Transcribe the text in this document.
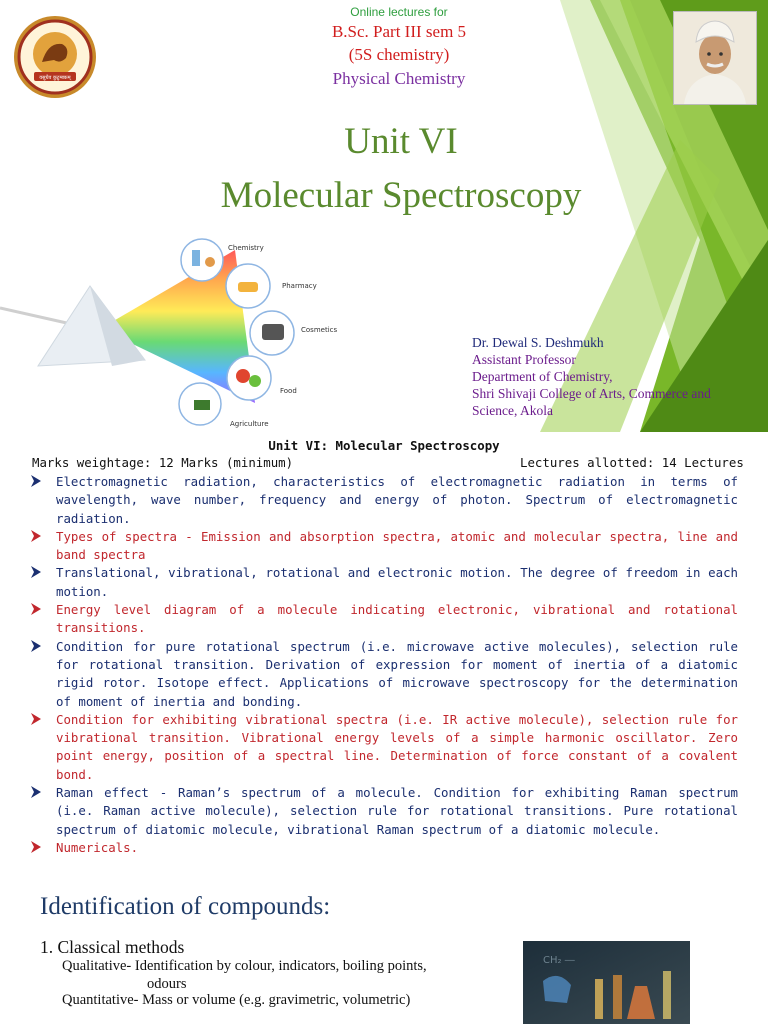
वसुधैव कुटुम्बकम्
Online lectures for
B.Sc. Part III sem 5
(5S chemistry)
Physical Chemistry
Unit VI
Molecular Spectroscopy
Chemistry
Pharmacy
Cosmetics
Food
Agriculture
Dr. Dewal S. Deshmukh
Assistant Professor
Department of Chemistry,
Shri Shivaji College of Arts, Commerce and
Science, Akola
Unit VI: Molecular Spectroscopy
Marks weightage: 12 Marks (minimum)	Lectures allotted: 14 Lectures
Electromagnetic radiation, characteristics of electromagnetic radiation in terms of wavelength, wave number, frequency and energy of photon. Spectrum of electromagnetic radiation.
Types of spectra - Emission and absorption spectra, atomic and molecular spectra, line and band spectra
Translational, vibrational, rotational and electronic motion. The degree of freedom in each motion.
Energy level diagram of a molecule indicating electronic, vibrational and rotational transitions.
Condition for pure rotational spectrum (i.e. microwave active molecules), selection rule for rotational transition. Derivation of expression for moment of inertia of a diatomic rigid rotor. Isotope effect. Applications of microwave spectroscopy for the determination of moment of inertia and bonding.
Condition for exhibiting vibrational spectra (i.e. IR active molecule), selection rule for vibrational transition. Vibrational energy levels of a simple harmonic oscillator. Zero point energy, position of a spectral line. Determination of force constant of a covalent bond.
Raman effect - Raman’s spectrum of a molecule. Condition for exhibiting Raman spectrum (i.e. Raman active molecule), selection rule for rotational transitions. Pure rotational spectrum of diatomic molecule, vibrational Raman spectrum of a diatomic molecule.
Numericals.
Identification of compounds:
1. Classical methods
Qualitative- Identification by colour, indicators, boiling points,
odours
Quantitative- Mass or volume (e.g. gravimetric, volumetric)
CH₂ ―
